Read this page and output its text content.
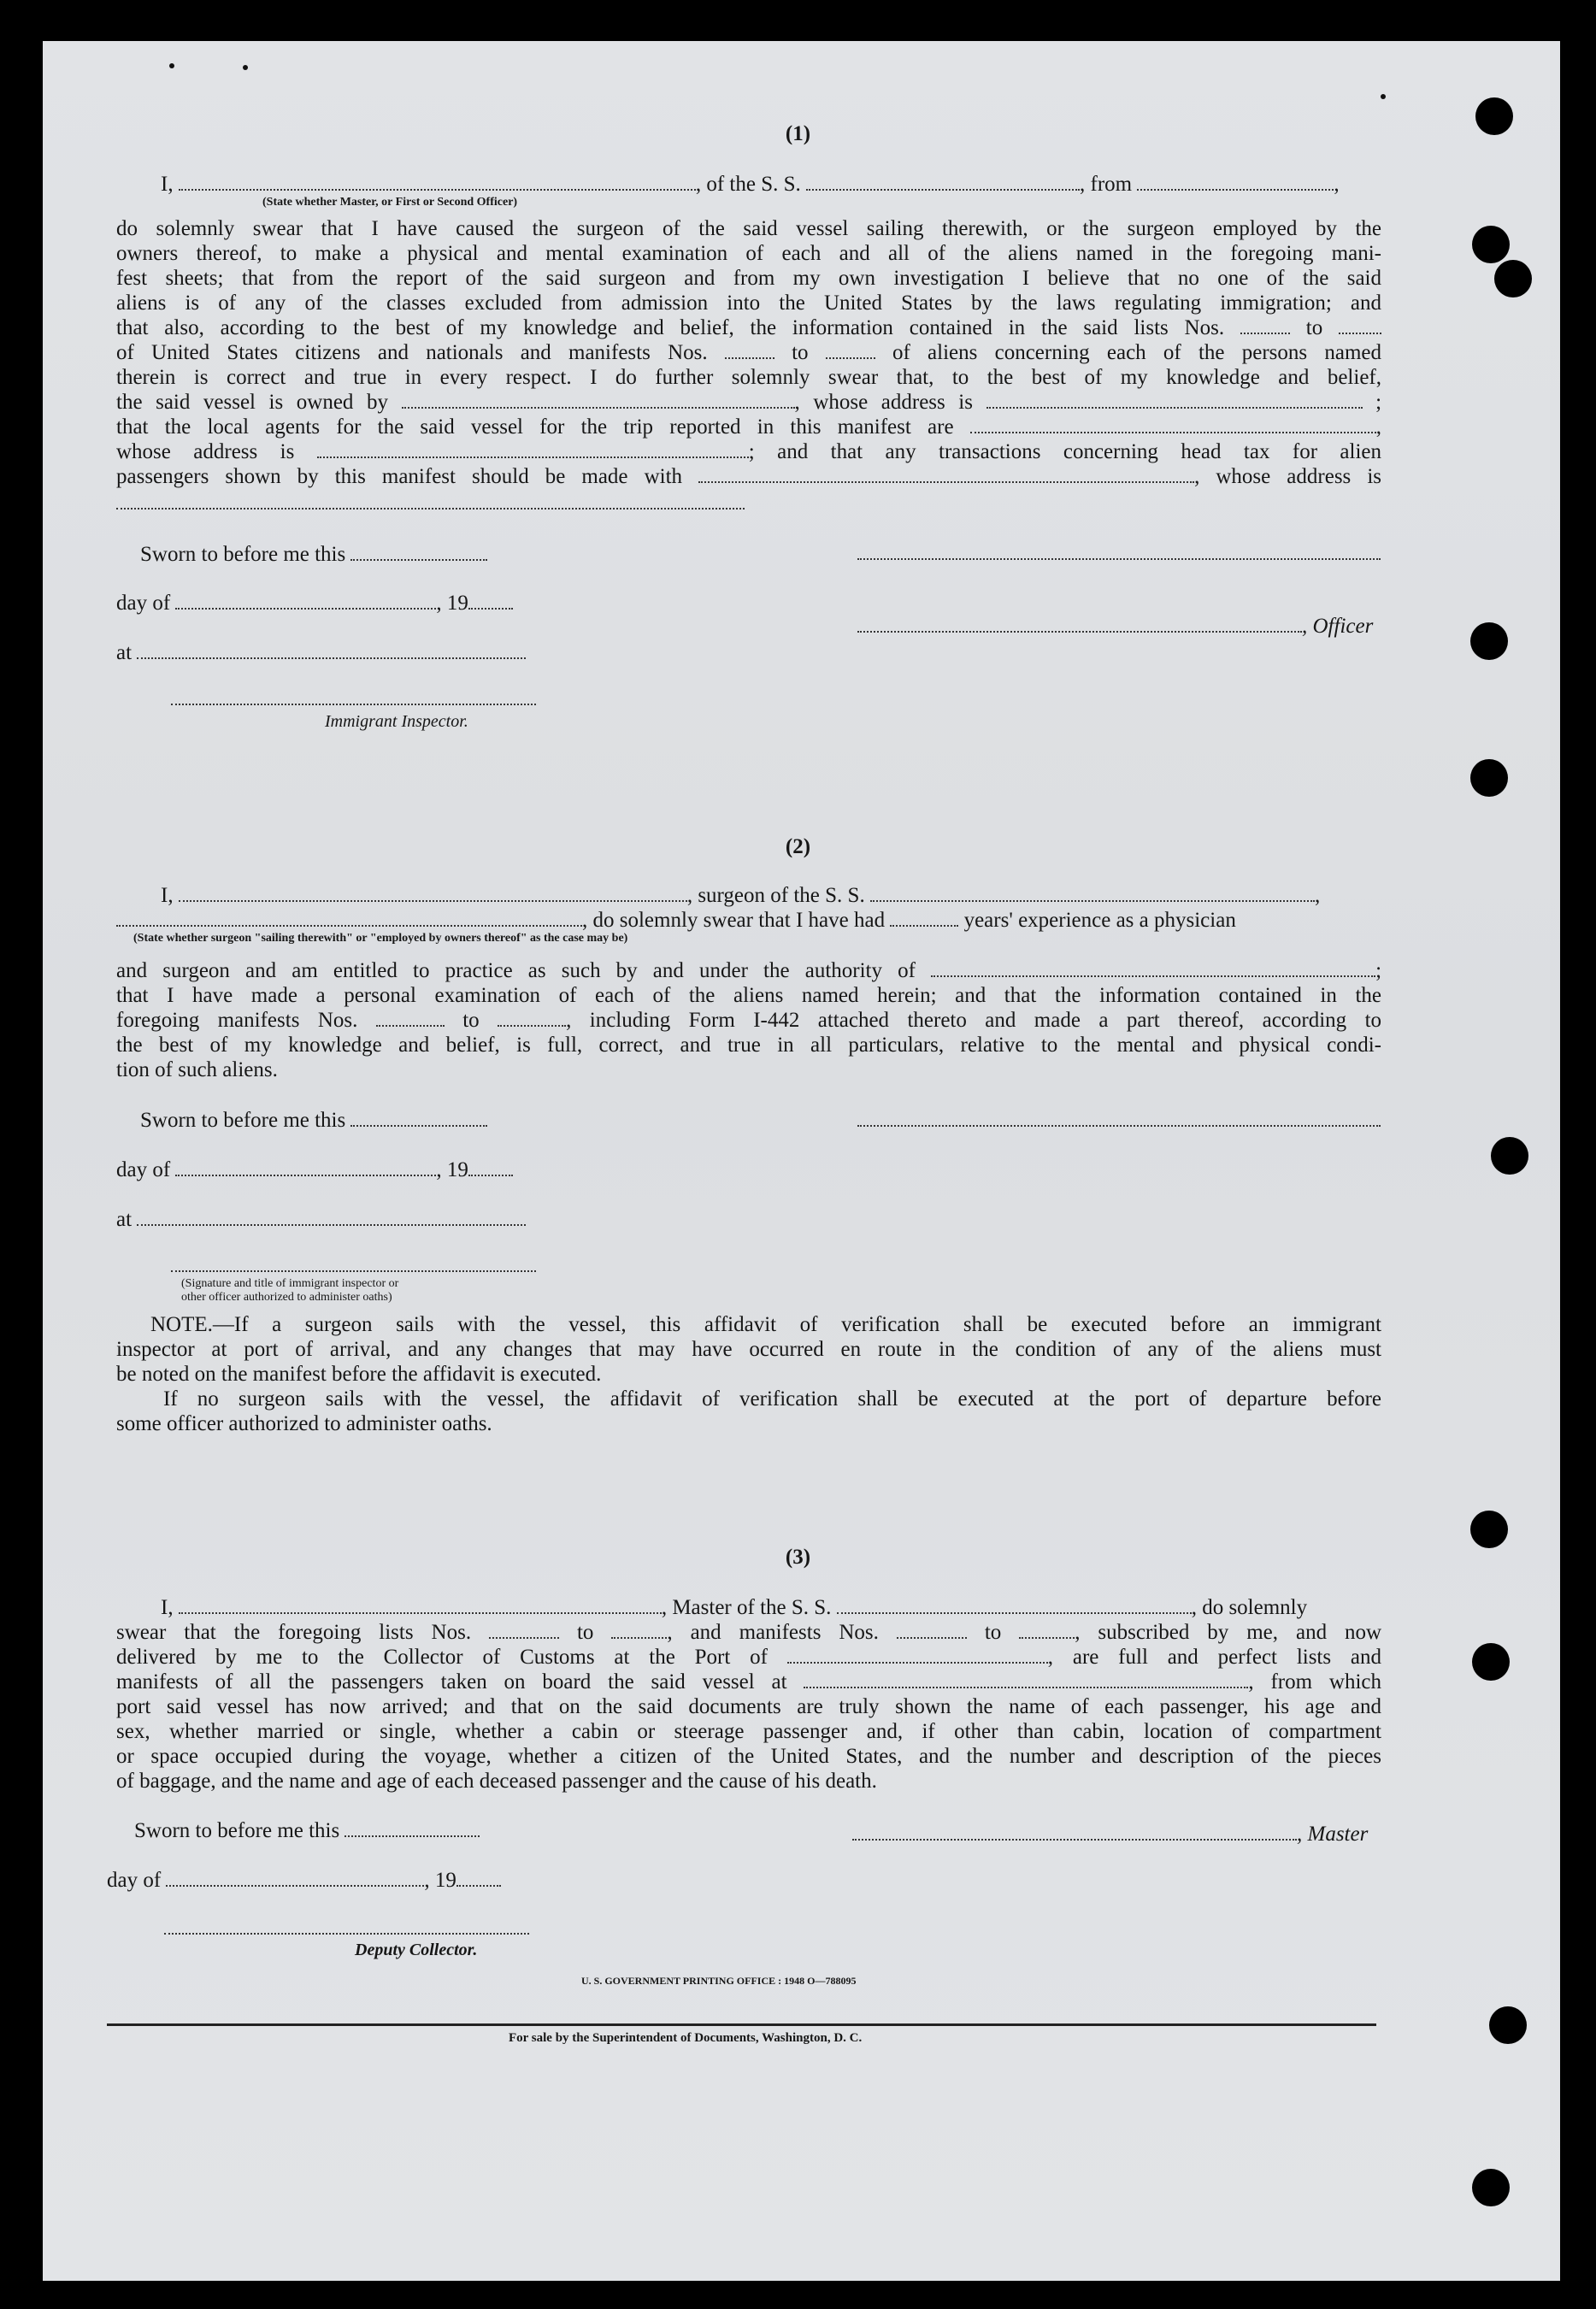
(1)
I,	, of the S. S.	, from	,
(State whether Master, or First or Second Officer)

do solemnly swear that I have caused the surgeon of the said vessel sailing therewith, or the surgeon employed by the

owners thereof, to make a physical and mental examination of each and all of the aliens named in the foregoing mani-

fest sheets; that from the report of the said surgeon and from my own investigation I believe that no one of the said

aliens is of any of the classes excluded from admission into the United States by the laws regulating immigration; and

that also, according to the best of my knowledge and belief, the information contained in the said lists Nos.	to

of United States citizens and nationals and manifests Nos.	to	of aliens concerning each of the persons named

therein is correct and true in every respect. I do further solemnly swear that, to the best of my knowledge and belief,

the said vessel is owned by	, whose address is	;

that the local agents for the said vessel for the trip reported in this manifest are	,

whose address is	; and that any transactions concerning head tax for alien

passengers shown by this manifest should be made with	, whose address is

Sworn to before me this
day of	, 19
, Officer
at
Immigrant Inspector.
(2)
I,	, surgeon of the S. S.	,
, do solemnly swear that I have had	years' experience as a physician
(State whether surgeon "sailing therewith" or "employed by owners thereof" as the case may be)

and surgeon and am entitled to practice as such by and under the authority of	;

that I have made a personal examination of each of the aliens named herein; and that the information contained in the

foregoing manifests Nos.	to	, including Form I-442 attached thereto and made a part thereof, according to

the best of my knowledge and belief, is full, correct, and true in all particulars, relative to the mental and physical condi-

tion of such aliens.

Sworn to before me this
day of	, 19
at
(Signature and title of immigrant inspector or
other officer authorized to administer oaths)

NOTE.—If a surgeon sails with the vessel, this affidavit of verification shall be executed before an immigrant

inspector at port of arrival, and any changes that may have occurred en route in the condition of any of the aliens must

be noted on the manifest before the affidavit is executed.

If no surgeon sails with the vessel, the affidavit of verification shall be executed at the port of departure before

some officer authorized to administer oaths.

(3)
I,	, Master of the S. S.	, do solemnly

swear that the foregoing lists Nos.	to	, and manifests Nos.	to	, subscribed by me, and now

delivered by me to the Collector of Customs at the Port of	, are full and perfect lists and

manifests of all the passengers taken on board the said vessel at	, from which

port said vessel has now arrived; and that on the said documents are truly shown the name of each passenger, his age and

sex, whether married or single, whether a cabin or steerage passenger and, if other than cabin, location of compartment

or space occupied during the voyage, whether a citizen of the United States, and the number and description of the pieces

of baggage, and the name and age of each deceased passenger and the cause of his death.

Sworn to before me this	, Master
day of	, 19
Deputy Collector.
U. S. GOVERNMENT PRINTING OFFICE : 1948 O—788095
For sale by the Superintendent of Documents, Washington, D. C.
